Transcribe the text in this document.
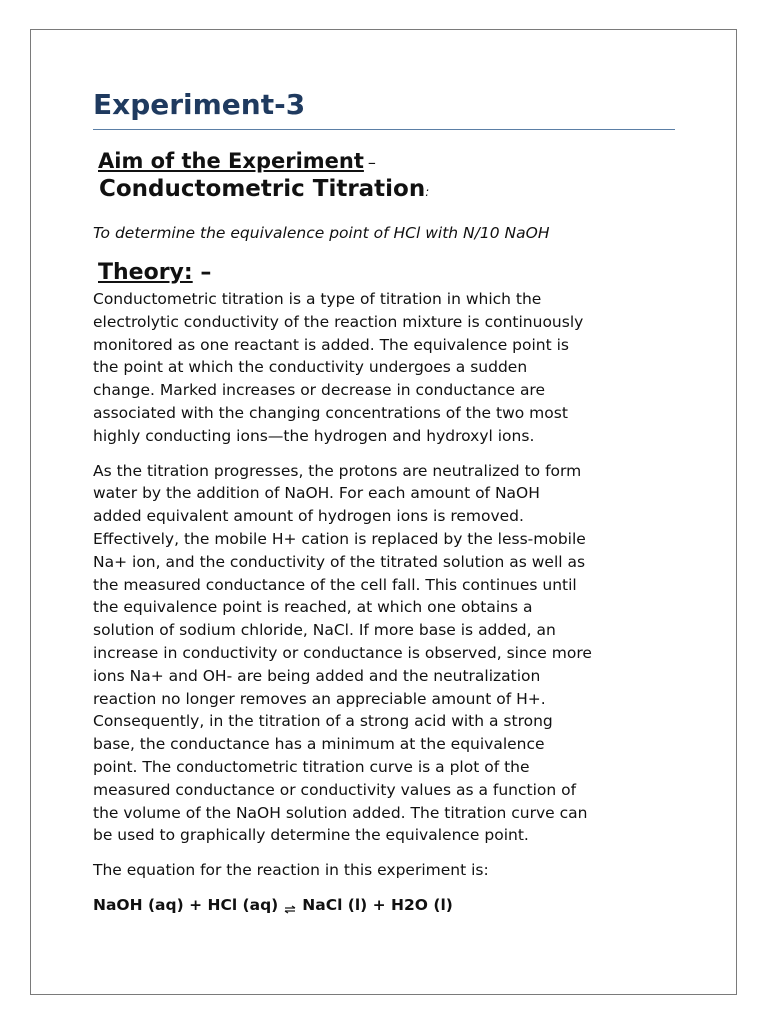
Experiment-3
Aim of the Experiment –
Conductometric Titration:
To determine the equivalence point of HCl with N/10 NaOH
Theory: –

Conductometric titration is a type of titration in which the
electrolytic conductivity of the reaction mixture is continuously
monitored as one reactant is added. The equivalence point is
the point at which the conductivity undergoes a sudden
change. Marked increases or decrease in conductance are
associated with the changing concentrations of the two most
highly conducting ions—the hydrogen and hydroxyl ions.

As the titration progresses, the protons are neutralized to form
water by the addition of NaOH. For each amount of NaOH
added equivalent amount of hydrogen ions is removed.
Effectively, the mobile H+ cation is replaced by the less-mobile
Na+ ion, and the conductivity of the titrated solution as well as
the measured conductance of the cell fall. This continues until
the equivalence point is reached, at which one obtains a
solution of sodium chloride, NaCl. If more base is added, an
increase in conductivity or conductance is observed, since more
ions Na+ and OH- are being added and the neutralization
reaction no longer removes an appreciable amount of H+.
Consequently, in the titration of a strong acid with a strong
base, the conductance has a minimum at the equivalence
point. The conductometric titration curve is a plot of the
measured conductance or conductivity values as a function of
the volume of the NaOH solution added. The titration curve can
be used to graphically determine the equivalence point.

The equation for the reaction in this experiment is:

NaOH (aq) + HCl (aq) ⇌ NaCl (l) + H2O (l)
